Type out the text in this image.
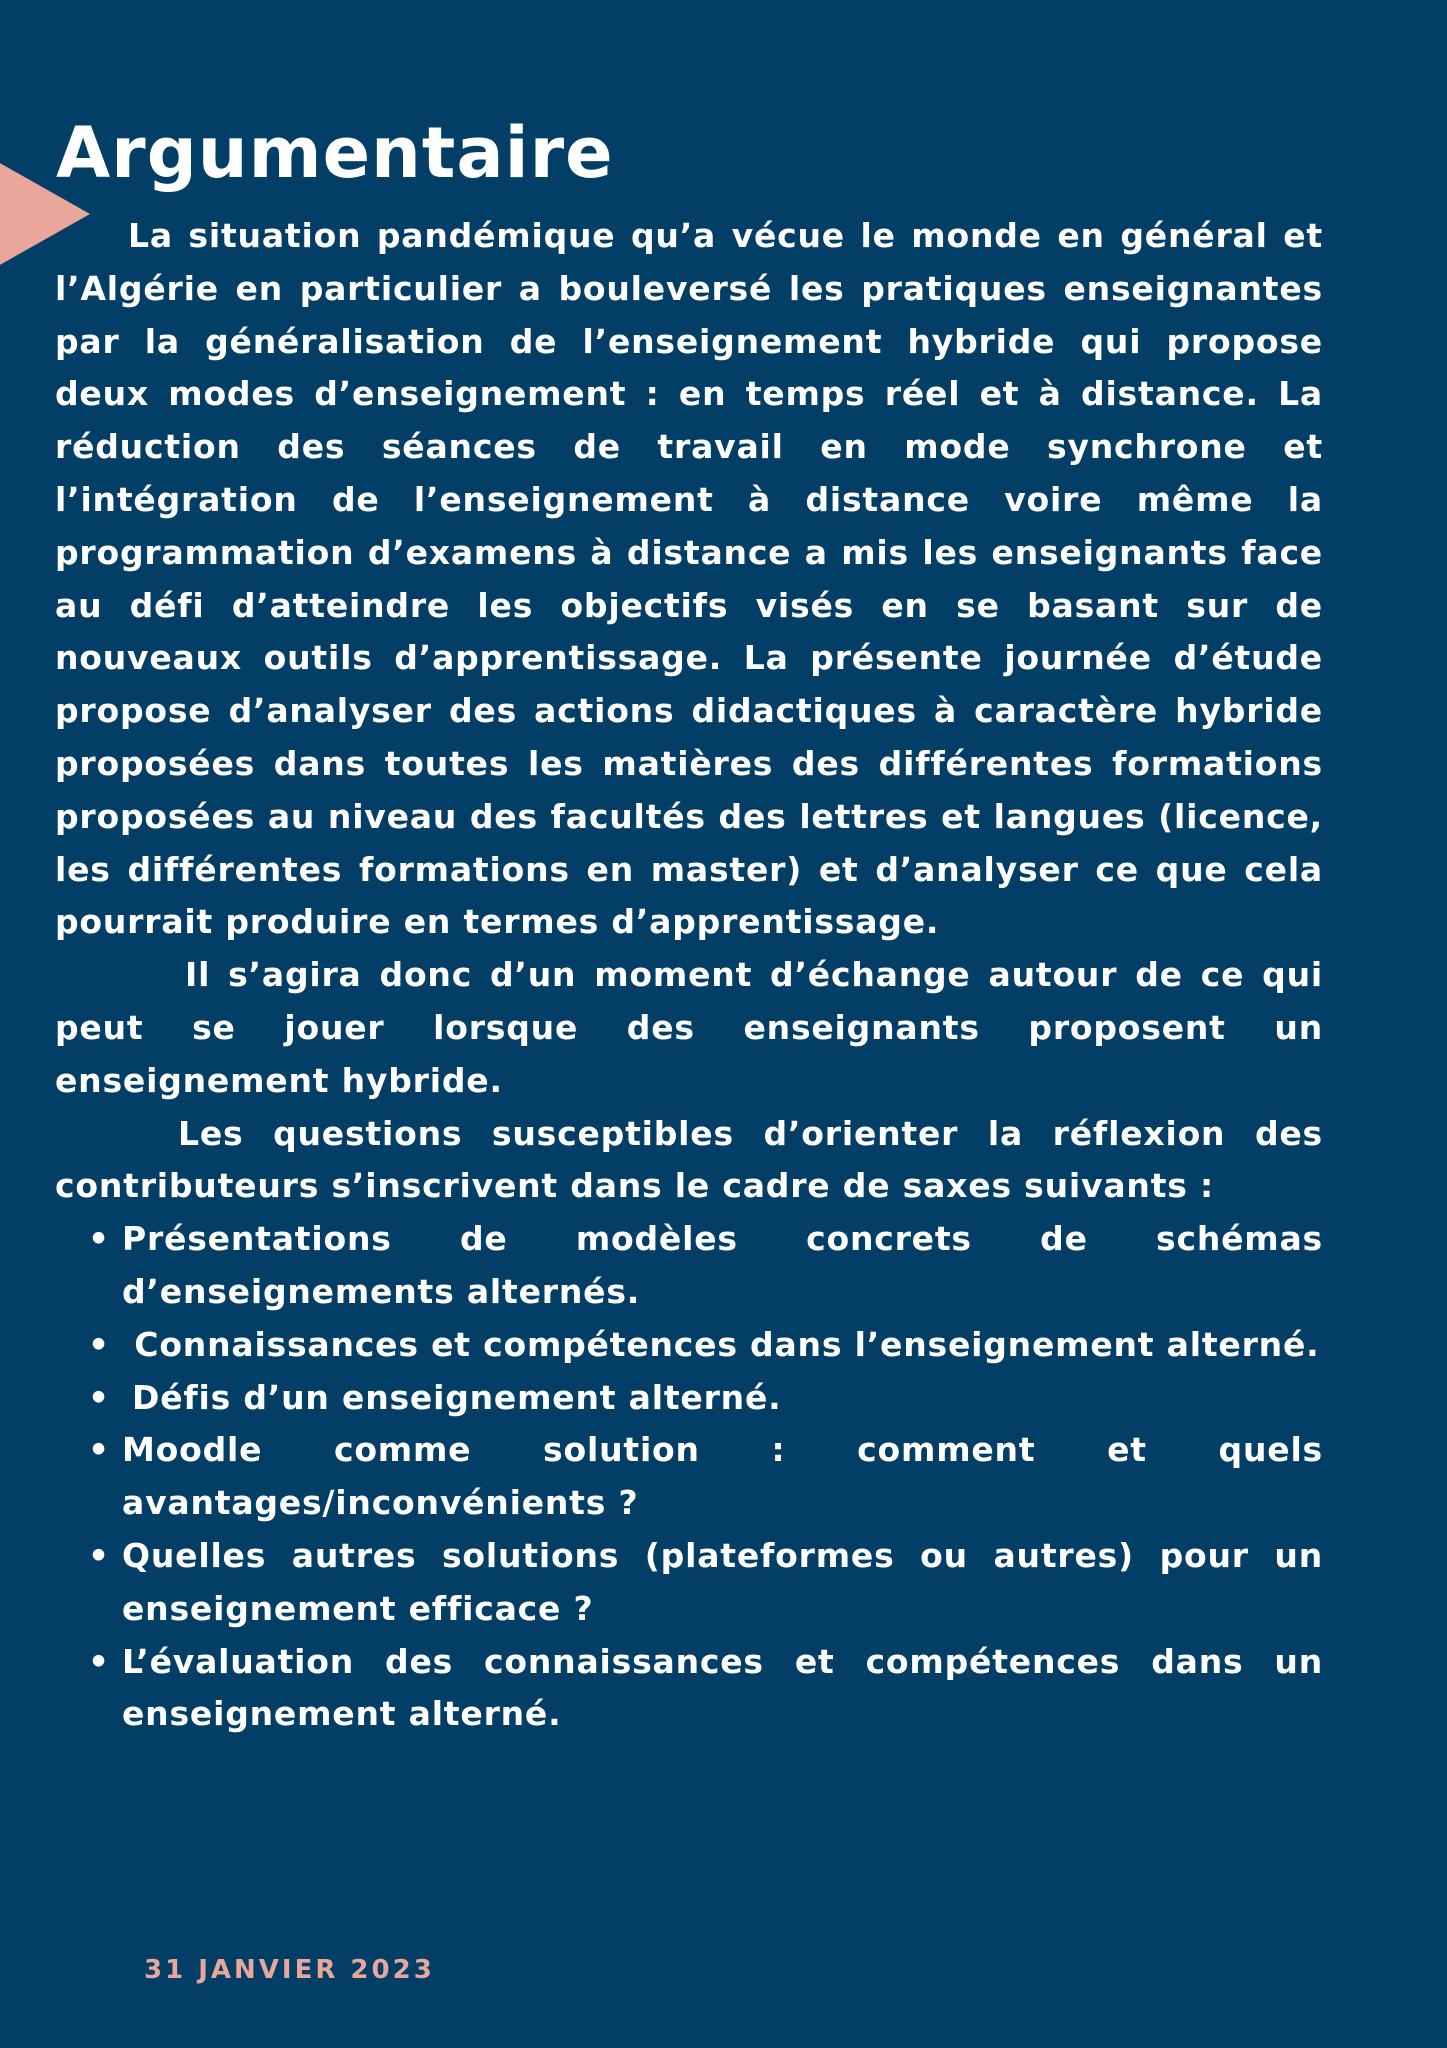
Argumentaire

La situation pandémique qu’a vécue le monde en général et l’Algérie en particulier a bouleversé les pratiques enseignantes par la généralisation de l’enseignement hybride qui propose deux modes d’enseignement : en temps réel et à distance. La réduction des séances de travail en mode synchrone et l’intégration de l’enseignement à distance voire même la programmation d’examens à distance a mis les enseignants face au défi d’atteindre les objectifs visés en se basant sur de nouveaux outils d’apprentissage. La présente journée d’étude propose d’analyser des actions didactiques à caractère hybride proposées dans toutes les matières des différentes formations proposées au niveau des facultés des lettres et langues (licence, les différentes formations en master) et d’analyser ce que cela pourrait produire en termes d’apprentissage.

Il s’agira donc d’un moment d’échange autour de ce qui peut se jouer lorsque des enseignants proposent un enseignement hybride.

Les questions susceptibles d’orienter la réflexion des contributeurs s’inscrivent dans le cadre de saxes suivants :

• Présentations de modèles concrets de schémas d’enseignements alternés.
• Connaissances et compétences dans l’enseignement alterné.
• Défis d’un enseignement alterné.
• Moodle comme solution : comment et quels avantages/inconvénients ?
• Quelles autres solutions (plateformes ou autres) pour un enseignement efficace ?
• L’évaluation des connaissances et compétences dans un enseignement alterné.
31 JANVIER 2023
